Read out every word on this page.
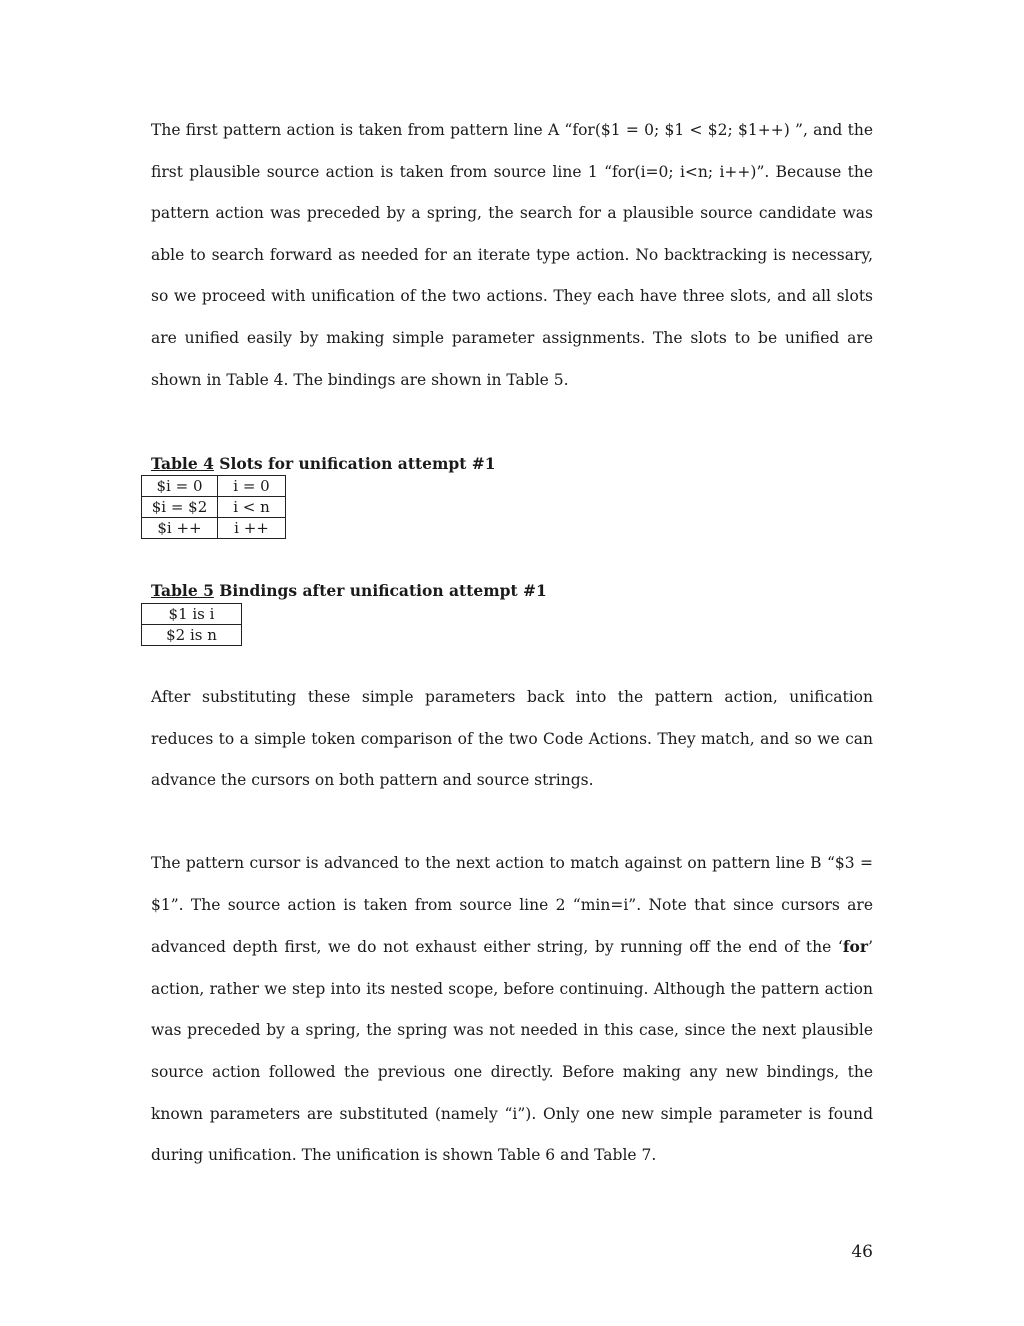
The first pattern action is taken from pattern line A “for($1 = 0; $1 < $2; $1++) ”, and the first plausible source action is taken from source line 1 “for(i=0; i<n; i++)”. Because the pattern action was preceded by a spring, the search for a plausible source candidate was able to search forward as needed for an iterate type action. No backtracking is necessary, so we proceed with unification of the two actions. They each have three slots, and all slots are unified easily by making simple parameter assignments. The slots to be unified are shown in Table 4. The bindings are shown in Table 5.

Table 4 Slots for unification attempt #1

$i = 0	i = 0
$i = $2	i < n
$i ++	i ++

Table 5 Bindings after unification attempt #1

$1 is i
$2 is n

After substituting these simple parameters back into the pattern action, unification reduces to a simple token comparison of the two Code Actions. They match, and so we can advance the cursors on both pattern and source strings.

The pattern cursor is advanced to the next action to match against on pattern line B “$3 = $1”. The source action is taken from source line 2 “min=i”. Note that since cursors are advanced depth first, we do not exhaust either string, by running off the end of the ‘for’ action, rather we step into its nested scope, before continuing. Although the pattern action was preceded by a spring, the spring was not needed in this case, since the next plausible source action followed the previous one directly. Before making any new bindings, the known parameters are substituted (namely “i”). Only one new simple parameter is found during unification. The unification is shown Table 6 and Table 7.

46
